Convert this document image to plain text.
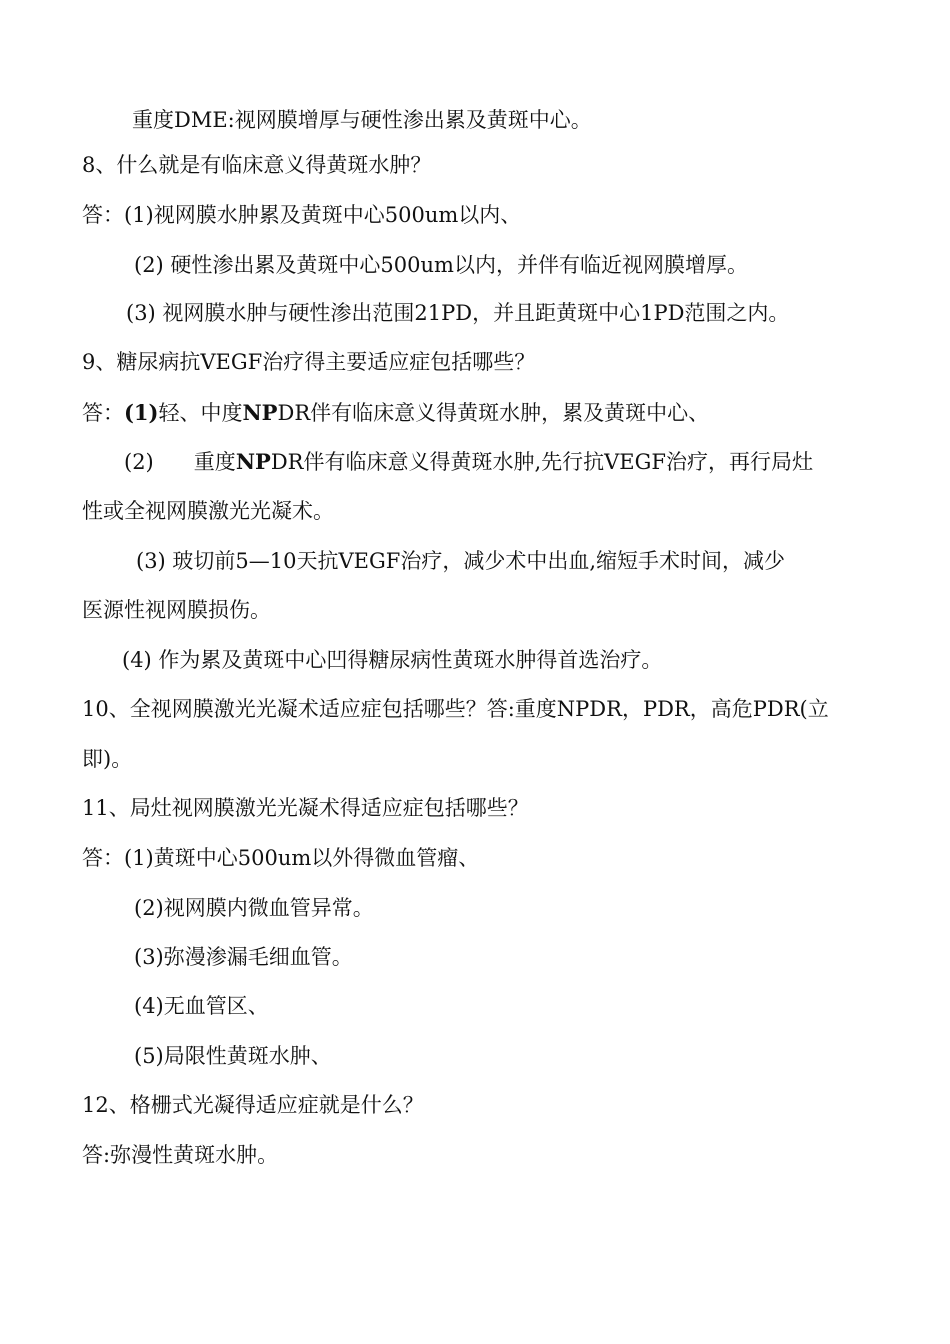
重度DME:视网膜增厚与硬性渗出累及黄斑中心。
8、什么就是有临床意义得黄斑水肿？
答：(1)视网膜水肿累及黄斑中心500um以内、
(2) 硬性渗出累及黄斑中心500um以内，并伴有临近视网膜增厚。
(3) 视网膜水肿与硬性渗出范围21PD，并且距黄斑中心1PD范围之内。
9、糖尿病抗VEGF治疗得主要适应症包括哪些？
答：(1)轻、中度NPDR伴有临床意义得黄斑水肿，累及黄斑中心、
(2)      重度NPDR伴有临床意义得黄斑水肿,先行抗VEGF治疗，再行局灶
性或全视网膜激光光凝术。
(3) 玻切前5—10天抗VEGF治疗，减少术中出血,缩短手术时间，减少
医源性视网膜损伤。
(4) 作为累及黄斑中心凹得糖尿病性黄斑水肿得首选治疗。
10、全视网膜激光光凝术适应症包括哪些？答:重度NPDR，PDR，高危PDR(立
即)。
11、局灶视网膜激光光凝术得适应症包括哪些？
答：(1)黄斑中心500um以外得微血管瘤、
(2)视网膜内微血管异常。
(3)弥漫渗漏毛细血管。
(4)无血管区、
(5)局限性黄斑水肿、
12、格栅式光凝得适应症就是什么？
答:弥漫性黄斑水肿。
